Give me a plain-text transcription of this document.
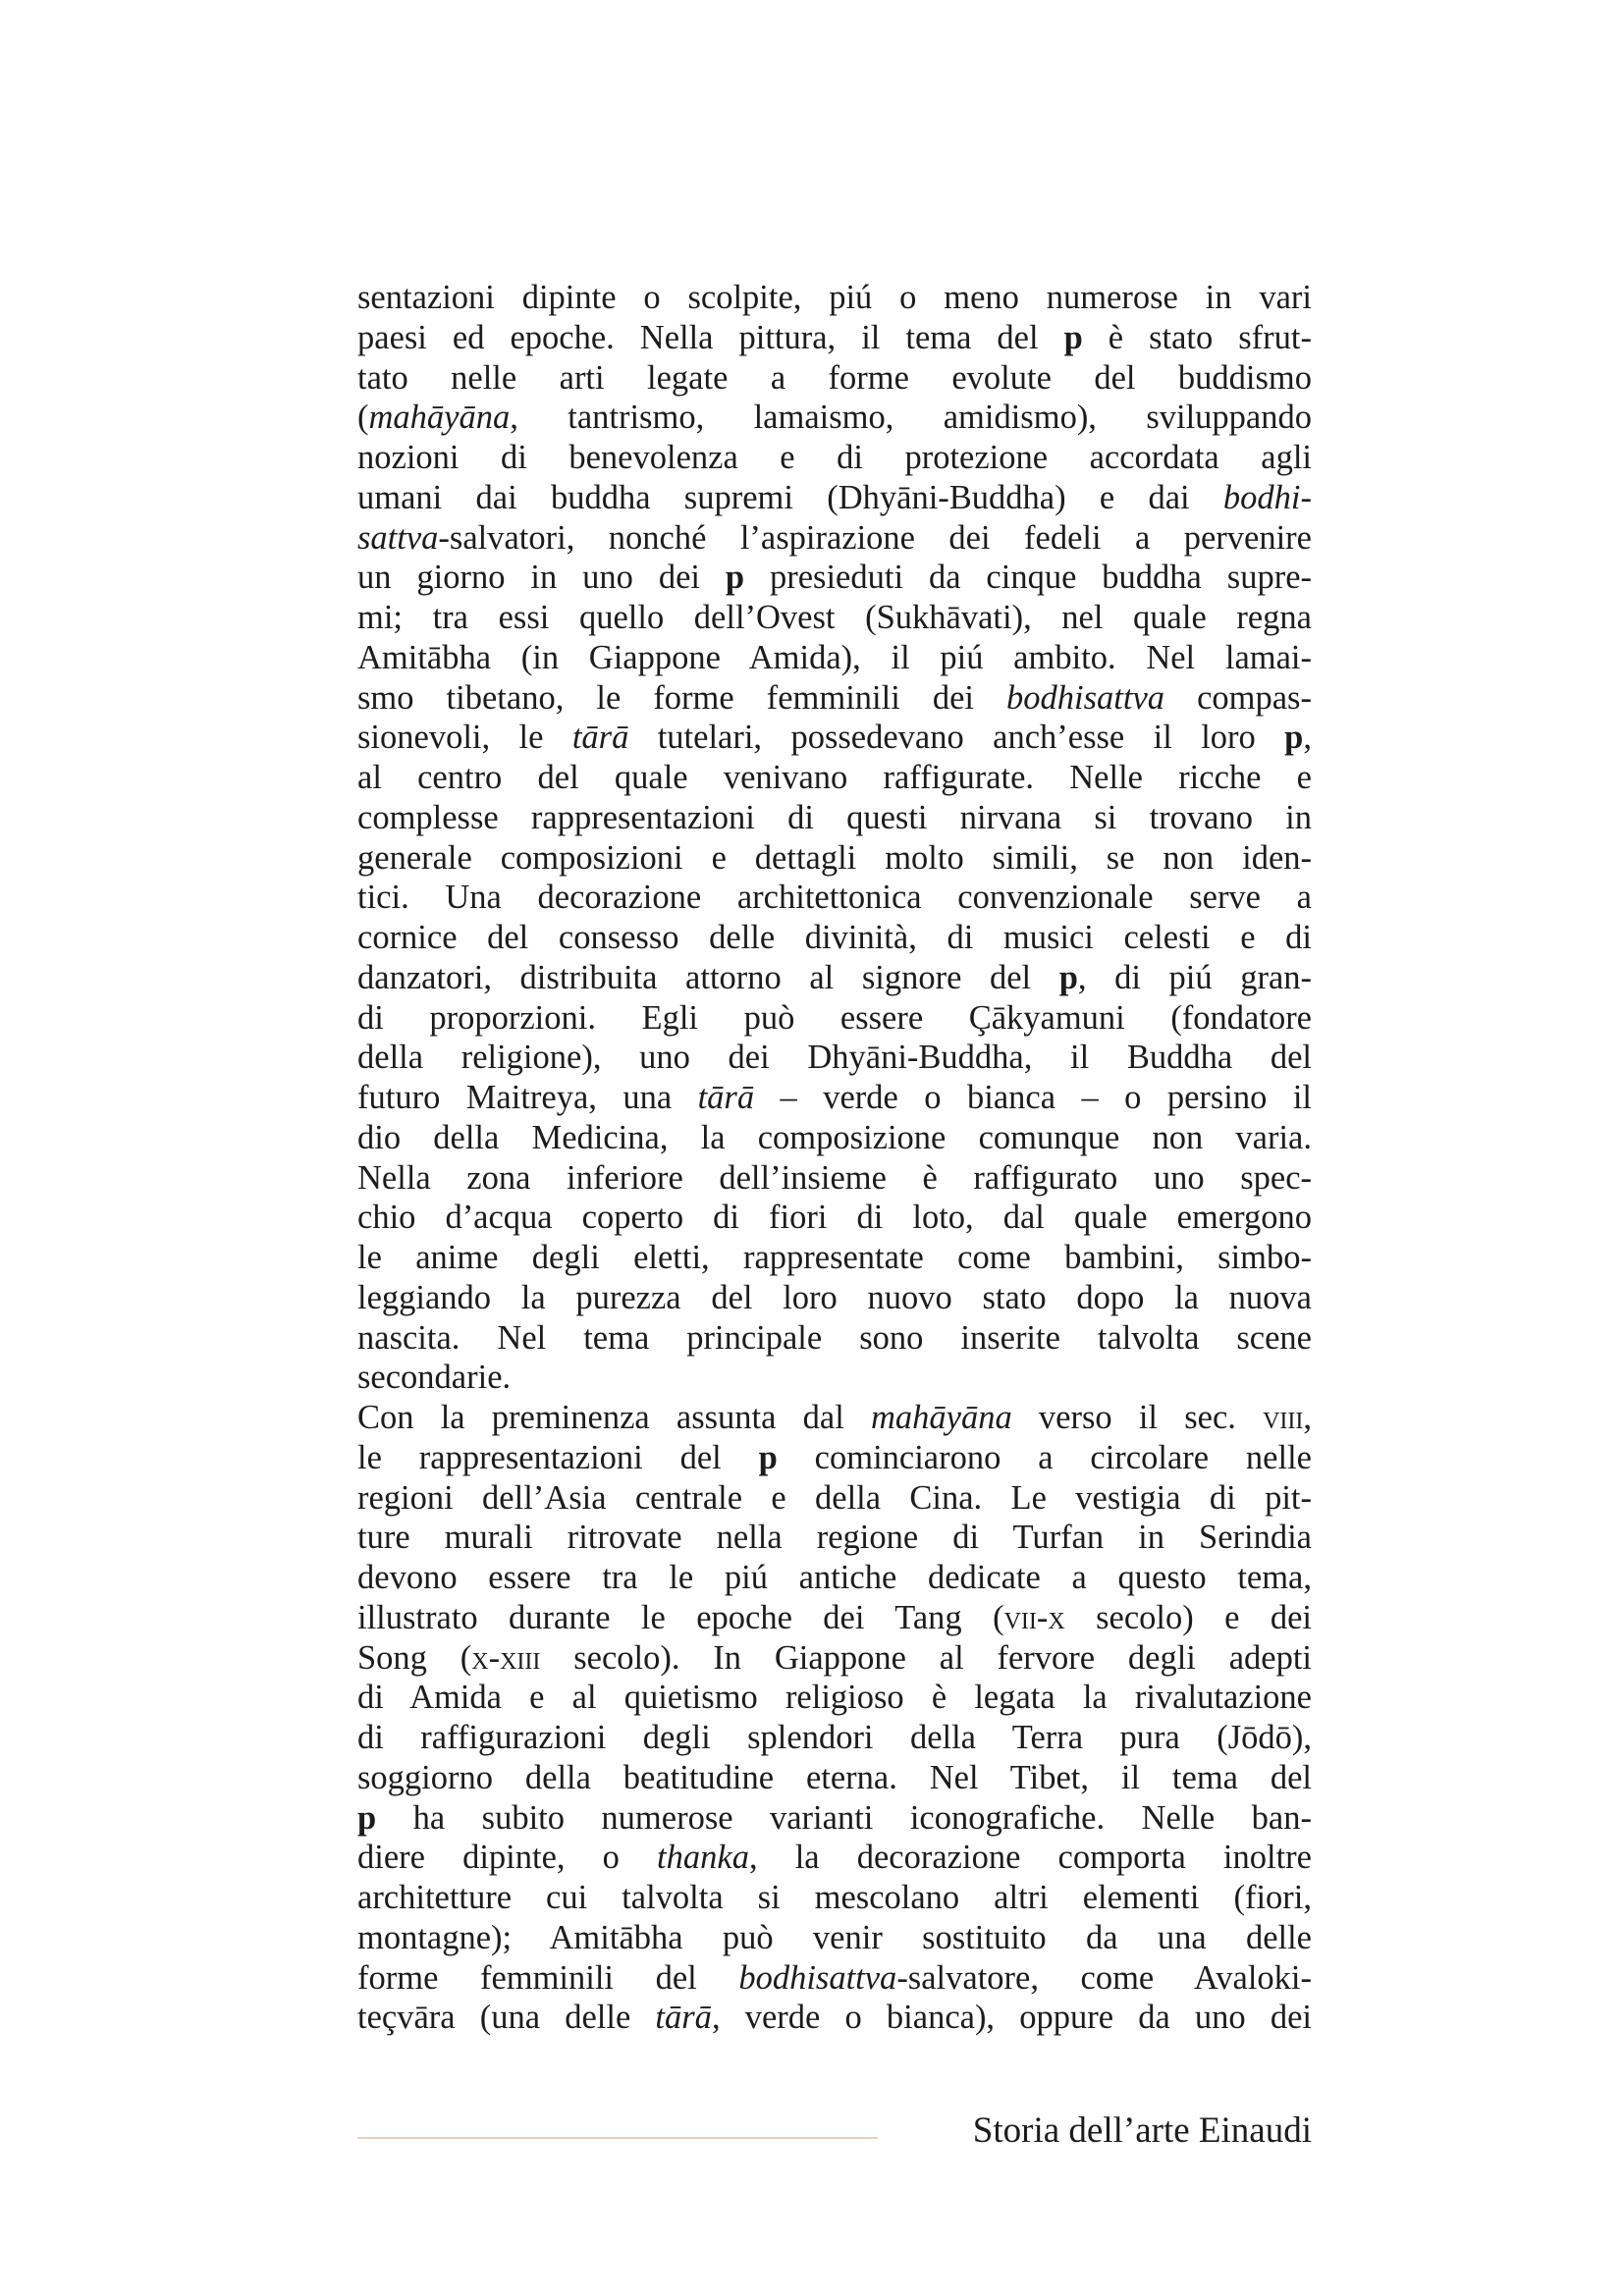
sentazioni dipinte o scolpite, piú o meno numerose in vari
paesi ed epoche. Nella pittura, il tema del p è stato sfrut-
tato nelle arti legate a forme evolute del buddismo
(mahāyāna, tantrismo, lamaismo, amidismo), sviluppando
nozioni di benevolenza e di protezione accordata agli
umani dai buddha supremi (Dhyāni-Buddha) e dai bodhi-
sattva-salvatori, nonché l’aspirazione dei fedeli a pervenire
un giorno in uno dei p presieduti da cinque buddha supre-
mi; tra essi quello dell’Ovest (Sukhāvati), nel quale regna
Amitābha (in Giappone Amida), il piú ambito. Nel lamai-
smo tibetano, le forme femminili dei bodhisattva compas-
sionevoli, le tārā tutelari, possedevano anch’esse il loro p,
al centro del quale venivano raffigurate. Nelle ricche e
complesse rappresentazioni di questi nirvana si trovano in
generale composizioni e dettagli molto simili, se non iden-
tici. Una decorazione architettonica convenzionale serve a
cornice del consesso delle divinità, di musici celesti e di
danzatori, distribuita attorno al signore del p, di piú gran-
di proporzioni. Egli può essere Çākyamuni (fondatore
della religione), uno dei Dhyāni-Buddha, il Buddha del
futuro Maitreya, una tārā – verde o bianca – o persino il
dio della Medicina, la composizione comunque non varia.
Nella zona inferiore dell’insieme è raffigurato uno spec-
chio d’acqua coperto di fiori di loto, dal quale emergono
le anime degli eletti, rappresentate come bambini, simbo-
leggiando la purezza del loro nuovo stato dopo la nuova
nascita. Nel tema principale sono inserite talvolta scene
secondarie.
Con la preminenza assunta dal mahāyāna verso il sec. viii,
le rappresentazioni del p cominciarono a circolare nelle
regioni dell’Asia centrale e della Cina. Le vestigia di pit-
ture murali ritrovate nella regione di Turfan in Serindia
devono essere tra le piú antiche dedicate a questo tema,
illustrato durante le epoche dei Tang (vii-x secolo) e dei
Song (x-xiii secolo). In Giappone al fervore degli adepti
di Amida e al quietismo religioso è legata la rivalutazione
di raffigurazioni degli splendori della Terra pura (Jōdō),
soggiorno della beatitudine eterna. Nel Tibet, il tema del
p ha subito numerose varianti iconografiche. Nelle ban-
diere dipinte, o thanka, la decorazione comporta inoltre
architetture cui talvolta si mescolano altri elementi (fiori,
montagne); Amitābha può venir sostituito da una delle
forme femminili del bodhisattva-salvatore, come Avaloki-
teçvāra (una delle tārā, verde o bianca), oppure da uno dei
Storia dell’arte Einaudi
